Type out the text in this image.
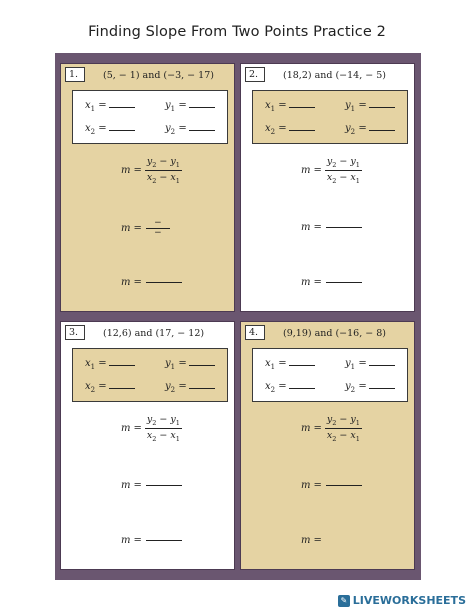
Finding Slope From Two Points Practice 2
1.	(5, − 1) and (−3, − 17)
$x_1$ =	$y_1$ =
$x_2$ =	$y_2$ =
$m = \frac{y_2 - y_1}{x_2 - x_1}$
m = −
−
m =
2.	(18,2) and (−14, − 5)
$x_1$ =	$y_1$ =
$x_2$ =	$y_2$ =
$m = \frac{y_2 - y_1}{x_2 - x_1}$
m =
m =
3.	(12,6) and (17, − 12)
$x_1$ =	$y_1$ =
$x_2$ =	$y_2$ =
$m = \frac{y_2 - y_1}{x_2 - x_1}$
m =
m =
4.	(9,19) and (−16, − 8)
$x_1$ =	$y_1$ =
$x_2$ =	$y_2$ =
$m = \frac{y_2 - y_1}{x_2 - x_1}$
m =
m =
✎ LIVEWORKSHEETS
